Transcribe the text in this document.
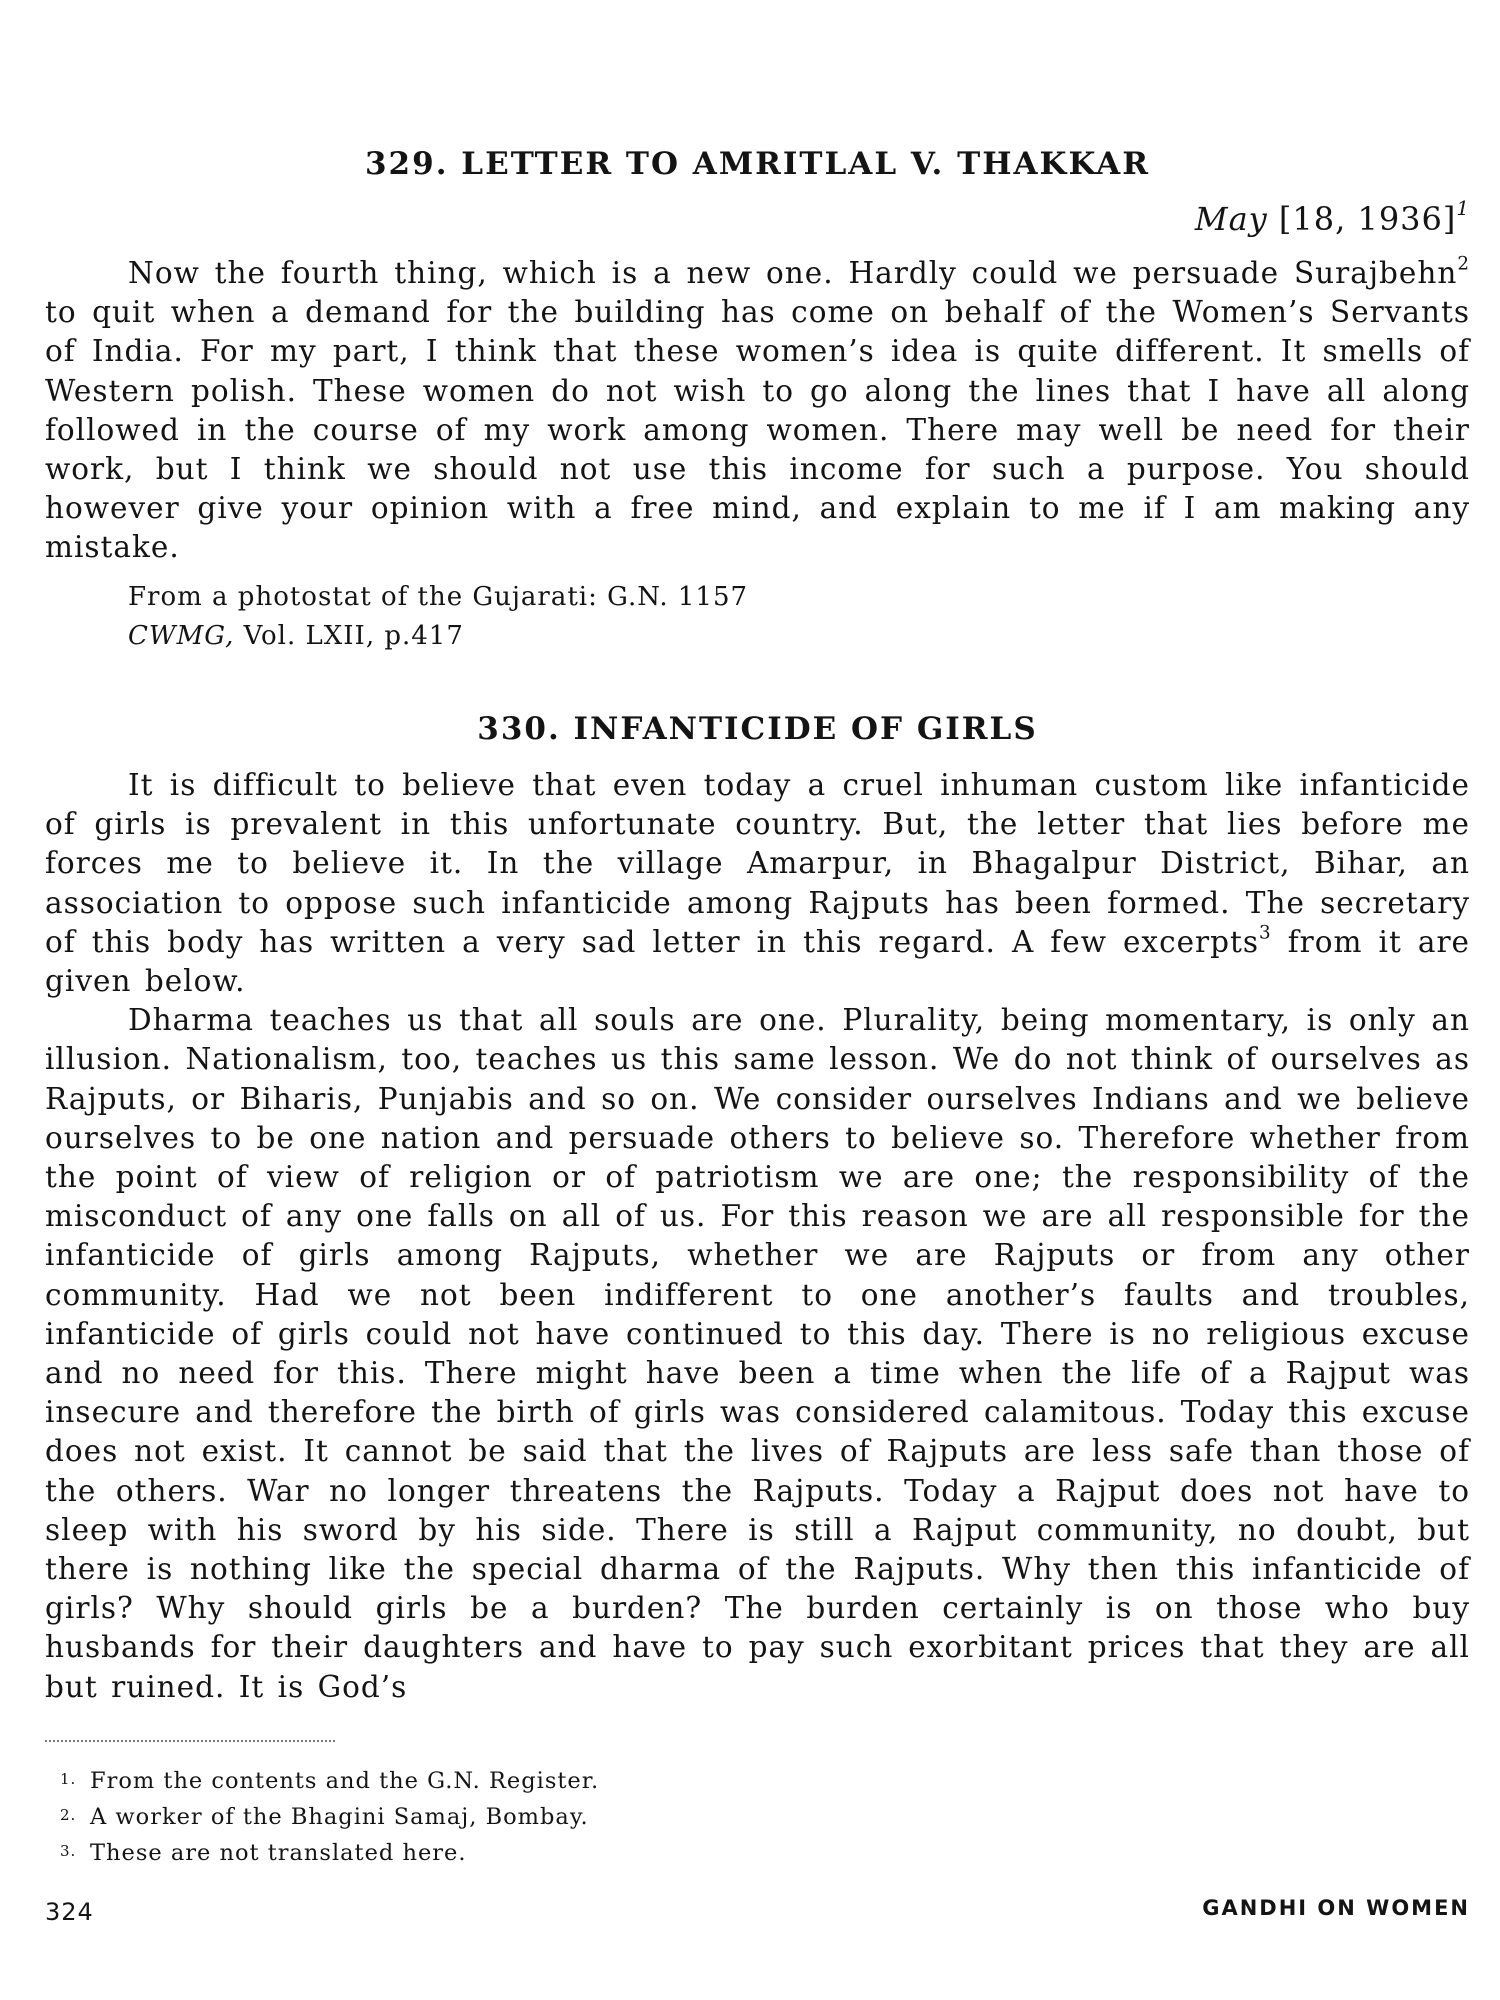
329. LETTER TO AMRITLAL V. THAKKAR
May [18, 1936]$^1$

Now the fourth thing, which is a new one. Hardly could we persuade Surajbehn$^2$ to quit when a demand for the building has come on behalf of the Women’s Servants of India. For my part, I think that these women’s idea is quite different. It smells of Western polish. These women do not wish to go along the lines that I have all along followed in the course of my work among women. There may well be need for their work, but I think we should not use this income for such a purpose. You should however give your opinion with a free mind, and explain to me if I am making any mistake.

From a photostat of the Gujarati: G.N. 1157
CWMG, Vol. LXII, p.417
330. INFANTICIDE OF GIRLS

It is difficult to believe that even today a cruel inhuman custom like infanticide of girls is prevalent in this unfortunate country. But, the letter that lies before me forces me to believe it. In the village Amarpur, in Bhagalpur District, Bihar, an association to oppose such infanticide among Rajputs has been formed. The secretary of this body has written a very sad letter in this regard. A few excerpts$^3$ from it are given below.

Dharma teaches us that all souls are one. Plurality, being momentary, is only an illusion. Nationalism, too, teaches us this same lesson. We do not think of ourselves as Rajputs, or Biharis, Punjabis and so on. We consider ourselves Indians and we believe ourselves to be one nation and persuade others to believe so. Therefore whether from the point of view of religion or of patriotism we are one; the responsibility of the misconduct of any one falls on all of us. For this reason we are all responsible for the infanticide of girls among Rajputs, whether we are Rajputs or from any other community. Had we not been indifferent to one another’s faults and troubles, infanticide of girls could not have continued to this day. There is no religious excuse and no need for this. There might have been a time when the life of a Rajput was insecure and therefore the birth of girls was considered calamitous. Today this excuse does not exist. It cannot be said that the lives of Rajputs are less safe than those of the others. War no longer threatens the Rajputs. Today a Rajput does not have to sleep with his sword by his side. There is still a Rajput community, no doubt, but there is nothing like the special dharma of the Rajputs. Why then this infanticide of girls? Why should girls be a burden? The burden certainly is on those who buy husbands for their daughters and have to pay such exorbitant prices that they are all but ruined. It is God’s

1. From the contents and the G.N. Register.
2. A worker of the Bhagini Samaj, Bombay.
3. These are not translated here.
324	GANDHI ON WOMEN
